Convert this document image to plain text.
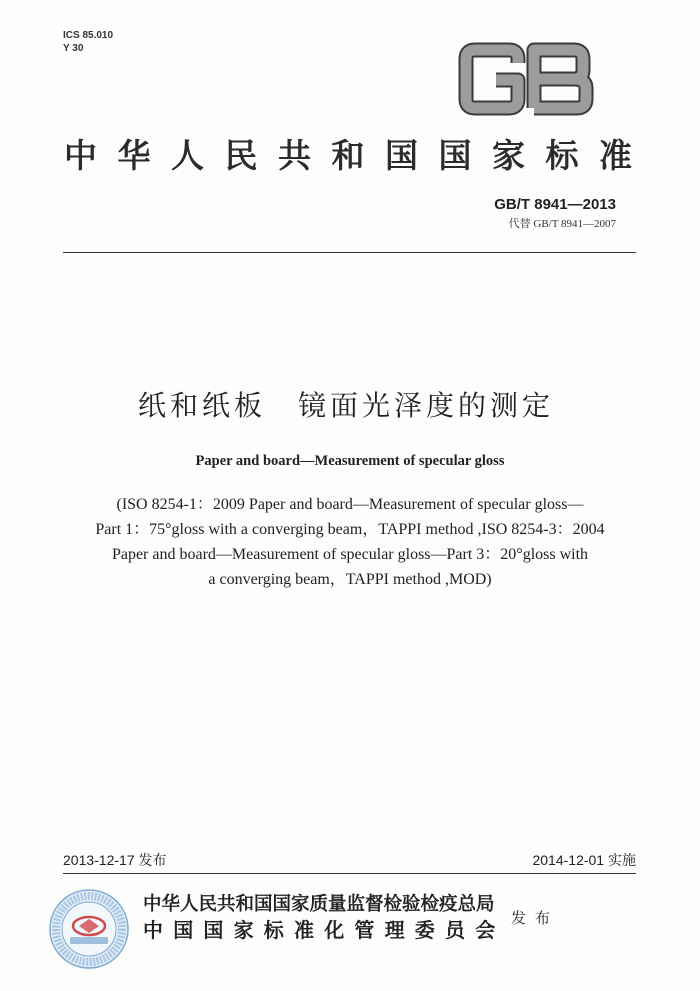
ICS 85.010
Y 30
中华人民共和国国家标准
GB/T 8941—2013
代替 GB/T 8941—2007
纸和纸板　镜面光泽度的测定
Paper and board—Measurement of specular gloss
(ISO 8254-1：2009 Paper and board—Measurement of specular gloss—
Part 1：75°gloss with a converging beam，TAPPI method ,ISO 8254-3：2004
Paper and board—Measurement of specular gloss—Part 3：20°gloss with
a converging beam，TAPPI method ,MOD)
2013-12-17 发布	2014-12-01 实施
中华人民共和国国家质量监督检验检疫总局
中国国家标准化管理委员会 发布
